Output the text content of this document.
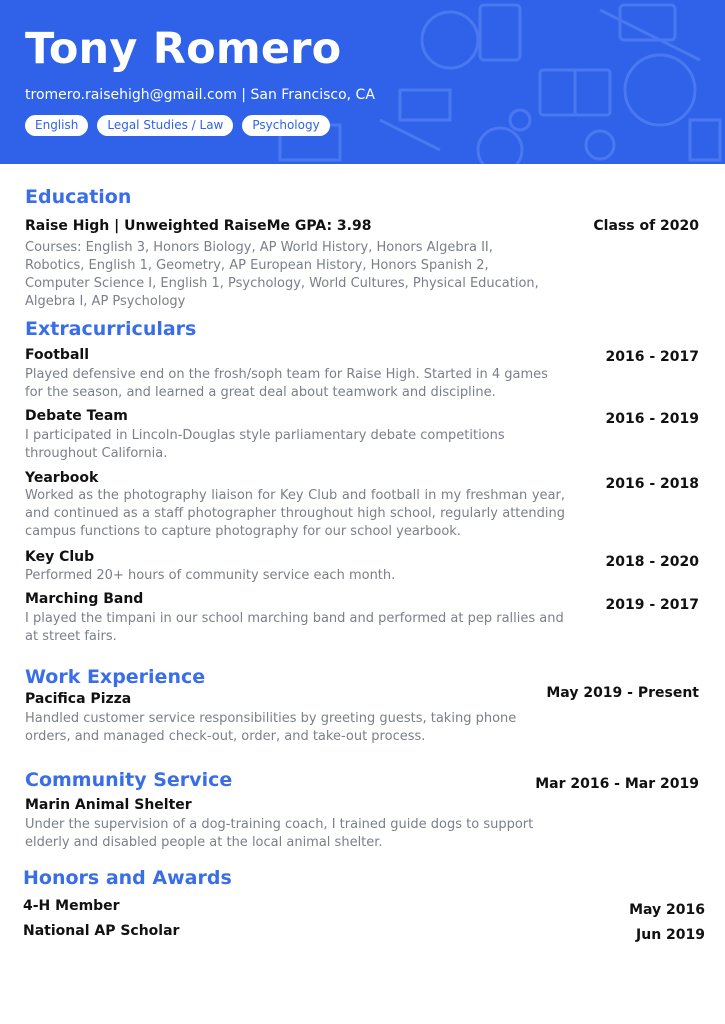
Tony Romero
tromero.raisehigh@gmail.com | San Francisco, CA
English	Legal Studies / Law	Psychology
Education
Raise High | Unweighted RaiseMe GPA: 3.98	Class of 2020
Courses: English 3, Honors Biology, AP World History, Honors Algebra II, Robotics, English 1, Geometry, AP European History, Honors Spanish 2, Computer Science I, English 1, Psychology, World Cultures, Physical Education, Algebra I, AP Psychology
Extracurriculars
Football	2016 - 2017
Played defensive end on the frosh/soph team for Raise High. Started in 4 games for the season, and learned a great deal about teamwork and discipline.
Debate Team	2016 - 2019
I participated in Lincoln-Douglas style parliamentary debate competitions throughout California.
Yearbook	2016 - 2018
Worked as the photography liaison for Key Club and football in my freshman year, and continued as a staff photographer throughout high school, regularly attending campus functions to capture photography for our school yearbook.
Key Club	2018 - 2020
Performed 20+ hours of community service each month.
Marching Band	2019 - 2017
I played the timpani in our school marching band and performed at pep rallies and at street fairs.
Work Experience
Pacifica Pizza	May 2019 - Present
Handled customer service responsibilities by greeting guests, taking phone orders, and managed check-out, order, and take-out process.
Community Service	Mar 2016 - Mar 2019
Marin Animal Shelter
Under the supervision of a dog-training coach, I trained guide dogs to support elderly and disabled people at the local animal shelter.
Honors and Awards
4-H Member	May 2016
National AP Scholar	Jun 2019
